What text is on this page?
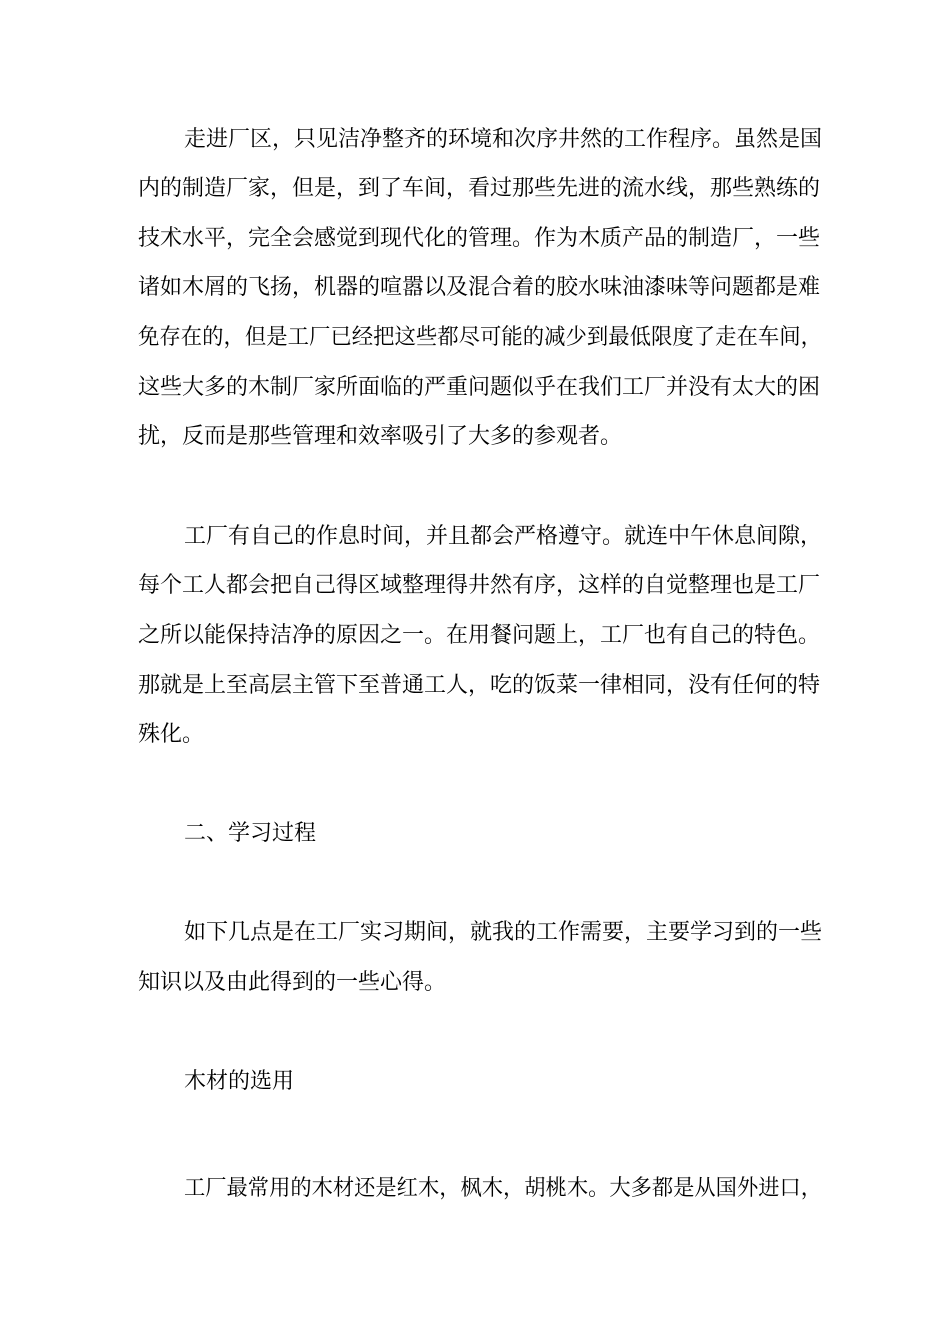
走进厂区，只见洁净整齐的环境和次序井然的工作程序。虽然是国
内的制造厂家，但是，到了车间，看过那些先进的流水线，那些熟练的
技术水平，完全会感觉到现代化的管理。作为木质产品的制造厂，一些
诸如木屑的飞扬，机器的喧嚣以及混合着的胶水味油漆味等问题都是难
免存在的，但是工厂已经把这些都尽可能的减少到最低限度了走在车间，
这些大多的木制厂家所面临的严重问题似乎在我们工厂并没有太大的困
扰，反而是那些管理和效率吸引了大多的参观者。
工厂有自己的作息时间，并且都会严格遵守。就连中午休息间隙，
每个工人都会把自己得区域整理得井然有序，这样的自觉整理也是工厂
之所以能保持洁净的原因之一。在用餐问题上，工厂也有自己的特色。
那就是上至高层主管下至普通工人，吃的饭菜一律相同，没有任何的特
殊化。
二、学习过程
如下几点是在工厂实习期间，就我的工作需要，主要学习到的一些
知识以及由此得到的一些心得。
木材的选用
工厂最常用的木材还是红木，枫木，胡桃木。大多都是从国外进口，
